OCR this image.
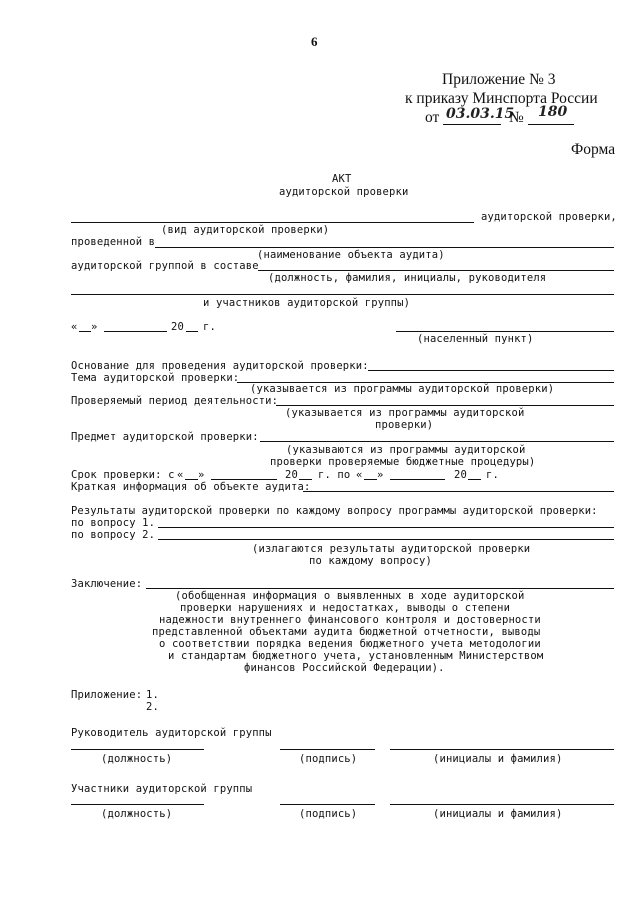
6
Приложение № 3
к приказу Минспорта России
от 03.03.15
№ 180
Форма
АКТ
аудиторской проверки
аудиторской проверки,
(вид аудиторской проверки)
проведенной в
(наименование объекта аудита)
аудиторской группой в составе
(должность, фамилия, инициалы, руководителя
и участников аудиторской группы)
« »	20 г.
(населенный пункт)
Основание для проведения аудиторской проверки:
Тема аудиторской проверки:
(указывается из программы аудиторской проверки)
Проверяемый период деятельности:
(указывается из программы аудиторской
проверки)
Предмет аудиторской проверки:
(указываются из программы аудиторской
проверки проверяемые бюджетные процедуры)
Срок проверки: с « »	20 г. по « »	20 г.
Краткая информация об объекте аудита:
Результаты аудиторской проверки по каждому вопросу программы аудиторской проверки:
по вопросу 1.
по вопросу 2.
(излагаются результаты аудиторской проверки
по каждому вопросу)
Заключение:
(обобщенная информация о выявленных в ходе аудиторской
проверки нарушениях и недостатках, выводы о степени
надежности внутреннего финансового контроля и достоверности
представленной объектами аудита бюджетной отчетности, выводы
о соответствии порядка ведения бюджетного учета методологии
и стандартам бюджетного учета, установленным Министерством
финансов Российской Федерации).
Приложение: 1.
2.
Руководитель аудиторской группы
(должность)	(подпись)	(инициалы и фамилия)
Участники аудиторской группы
(должность)	(подпись)	(инициалы и фамилия)
